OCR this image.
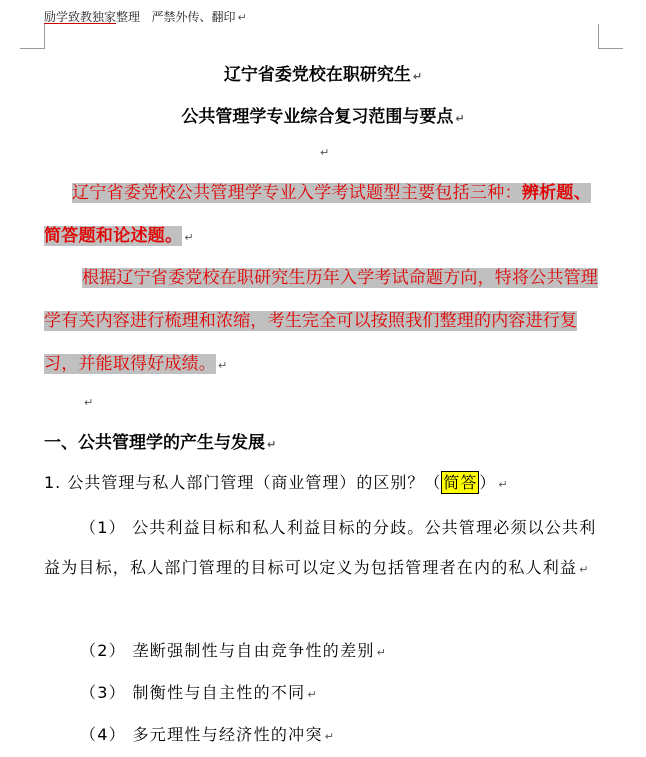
励学致教独家整理 严禁外传、翻印 ↵
辽宁省委党校在职研究生 ↵
公共管理学专业综合复习范围与要点 ↵
↵

辽宁省委党校公共管理学专业入学考试题型主要包括三种：辨析题、简答题和论述题。 ↵

根据辽宁省委党校在职研究生历年入学考试命题方向，特将公共管理学有关内容进行梳理和浓缩，考生完全可以按照我们整理的内容进行复习，并能取得好成绩。 ↵

↵
一、公共管理学的产生与发展 ↵
1. 公共管理与私人部门管理（商业管理）的区别？（ 简答 ） ↵

（1） 公共利益目标和私人利益目标的分歧。公共管理必须以公共利益为目标，私人部门管理的目标可以定义为包括管理者在内的私人利益 ↵

（2） 垄断强制性与自由竞争性的差别 ↵
（3） 制衡性与自主性的不同 ↵
（4） 多元理性与经济性的冲突 ↵
